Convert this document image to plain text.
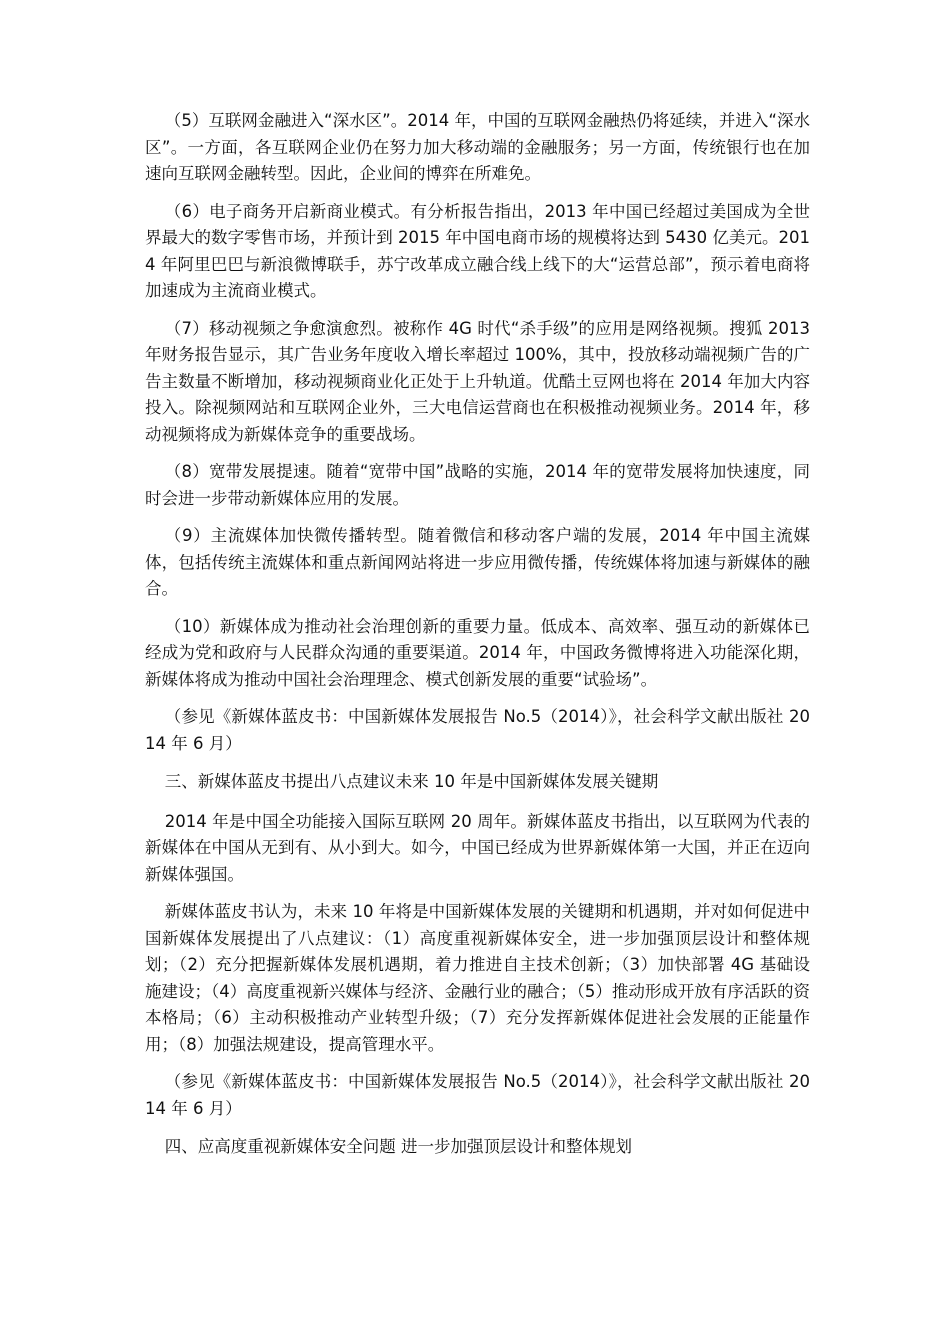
（5）互联网金融进入“深水区”。2014 年，中国的互联网金融热仍将延续，并进入“深水区”。一方面，各互联网企业仍在努力加大移动端的金融服务；另一方面，传统银行也在加速向互联网金融转型。因此，企业间的博弈在所难免。

（6）电子商务开启新商业模式。有分析报告指出，2013 年中国已经超过美国成为全世界最大的数字零售市场，并预计到 2015 年中国电商市场的规模将达到 5430 亿美元。2014 年阿里巴巴与新浪微博联手，苏宁改革成立融合线上线下的大“运营总部”，预示着电商将加速成为主流商业模式。

（7）移动视频之争愈演愈烈。被称作 4G 时代“杀手级”的应用是网络视频。搜狐 2013 年财务报告显示，其广告业务年度收入增长率超过 100%，其中，投放移动端视频广告的广告主数量不断增加，移动视频商业化正处于上升轨道。优酷土豆网也将在 2014 年加大内容投入。除视频网站和互联网企业外，三大电信运营商也在积极推动视频业务。2014 年，移动视频将成为新媒体竞争的重要战场。

（8）宽带发展提速。随着“宽带中国”战略的实施，2014 年的宽带发展将加快速度，同时会进一步带动新媒体应用的发展。

（9）主流媒体加快微传播转型。随着微信和移动客户端的发展，2014 年中国主流媒体，包括传统主流媒体和重点新闻网站将进一步应用微传播，传统媒体将加速与新媒体的融合。

（10）新媒体成为推动社会治理创新的重要力量。低成本、高效率、强互动的新媒体已经成为党和政府与人民群众沟通的重要渠道。2014 年，中国政务微博将进入功能深化期，新媒体将成为推动中国社会治理理念、模式创新发展的重要“试验场”。

（参见《新媒体蓝皮书：中国新媒体发展报告 No.5（2014）》，社会科学文献出版社 2014 年 6 月）

三、新媒体蓝皮书提出八点建议未来 10 年是中国新媒体发展关键期

2014 年是中国全功能接入国际互联网 20 周年。新媒体蓝皮书指出，以互联网为代表的新媒体在中国从无到有、从小到大。如今，中国已经成为世界新媒体第一大国，并正在迈向新媒体强国。

新媒体蓝皮书认为，未来 10 年将是中国新媒体发展的关键期和机遇期，并对如何促进中国新媒体发展提出了八点建议：（1）高度重视新媒体安全，进一步加强顶层设计和整体规划；（2）充分把握新媒体发展机遇期，着力推进自主技术创新；（3）加快部署 4G 基础设施建设；（4）高度重视新兴媒体与经济、金融行业的融合；（5）推动形成开放有序活跃的资本格局；（6）主动积极推动产业转型升级；（7）充分发挥新媒体促进社会发展的正能量作用；（8）加强法规建设，提高管理水平。

（参见《新媒体蓝皮书：中国新媒体发展报告 No.5（2014）》，社会科学文献出版社 2014 年 6 月）

四、应高度重视新媒体安全问题 进一步加强顶层设计和整体规划
